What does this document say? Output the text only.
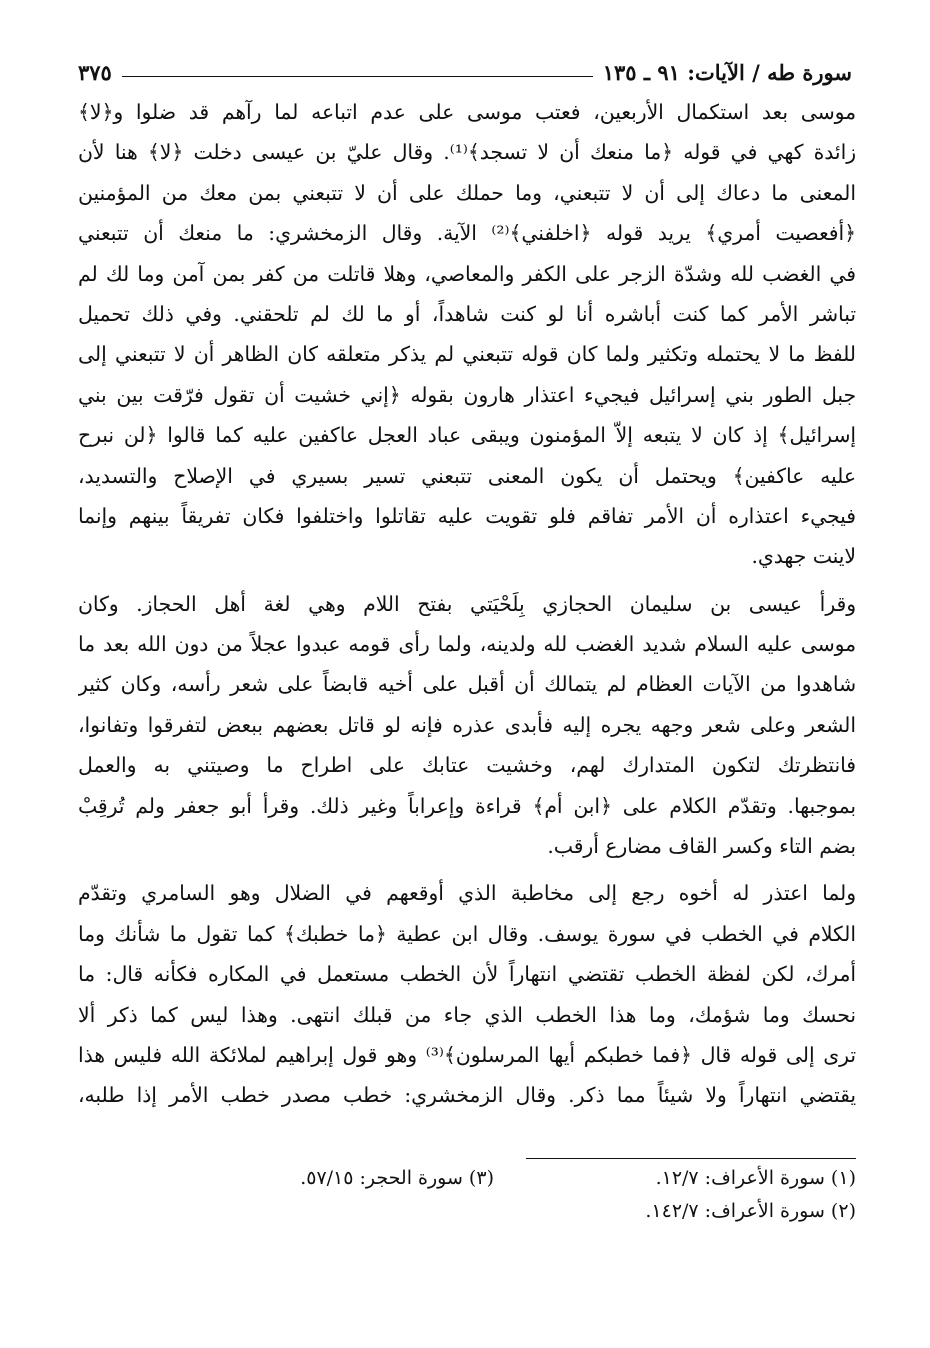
سورة طه / الآيات: ٩١ ـ ١٣٥
٣٧٥
موسى بعد استكمال الأربعين، فعتب موسى على عدم اتباعه لما رآهم قد ضلوا و﴿لا﴾
زائدة كهي في قوله ﴿ما منعك أن لا تسجد﴾⁽¹⁾. وقال عليّ بن عيسى دخلت ﴿لا﴾ هنا لأن
المعنى ما دعاك إلى أن لا تتبعني، وما حملك على أن لا تتبعني بمن معك من المؤمنين
﴿أفعصيت أمري﴾ يريد قوله ﴿اخلفني﴾⁽²⁾ الآية. وقال الزمخشري: ما منعك أن تتبعني
في الغضب لله وشدّة الزجر على الكفر والمعاصي، وهلا قاتلت من كفر بمن آمن وما لك لم
تباشر الأمر كما كنت أباشره أنا لو كنت شاهداً، أو ما لك لم تلحقني. وفي ذلك تحميل
للفظ ما لا يحتمله وتكثير ولما كان قوله تتبعني لم يذكر متعلقه كان الظاهر أن لا تتبعني إلى
جبل الطور بني إسرائيل فيجيء اعتذار هارون بقوله ﴿إني خشيت أن تقول فرّقت بين بني
إسرائيل﴾ إذ كان لا يتبعه إلاّ المؤمنون ويبقى عباد العجل عاكفين عليه كما قالوا ﴿لن نبرح
عليه عاكفين﴾ ويحتمل أن يكون المعنى تتبعني تسير بسيري في الإصلاح والتسديد،
فيجيء اعتذاره أن الأمر تفاقم فلو تقويت عليه تقاتلوا واختلفوا فكان تفريقاً بينهم وإنما
لاينت جهدي.
وقرأ عيسى بن سليمان الحجازي بِلَحْيَتي بفتح اللام وهي لغة أهل الحجاز. وكان
موسى عليه السلام شديد الغضب لله ولدينه، ولما رأى قومه عبدوا عجلاً من دون الله بعد ما
شاهدوا من الآيات العظام لم يتمالك أن أقبل على أخيه قابضاً على شعر رأسه، وكان كثير
الشعر وعلى شعر وجهه يجره إليه فأبدى عذره فإنه لو قاتل بعضهم ببعض لتفرقوا وتفانوا،
فانتظرتك لتكون المتدارك لهم، وخشيت عتابك على اطراح ما وصيتني به والعمل
بموجبها. وتقدّم الكلام على ﴿ابن أم﴾ قراءة وإعراباً وغير ذلك. وقرأ أبو جعفر ولم تُرقِبْ
بضم التاء وكسر القاف مضارع أرقب.
ولما اعتذر له أخوه رجع إلى مخاطبة الذي أوقعهم في الضلال وهو السامري وتقدّم
الكلام في الخطب في سورة يوسف. وقال ابن عطية ﴿ما خطبك﴾ كما تقول ما شأنك وما
أمرك، لكن لفظة الخطب تقتضي انتهاراً لأن الخطب مستعمل في المكاره فكأنه قال: ما
نحسك وما شؤمك، وما هذا الخطب الذي جاء من قبلك انتهى. وهذا ليس كما ذكر ألا
ترى إلى قوله قال ﴿فما خطبكم أيها المرسلون﴾⁽³⁾ وهو قول إبراهيم لملائكة الله فليس هذا
يقتضي انتهاراً ولا شيئاً مما ذكر. وقال الزمخشري: خطب مصدر خطب الأمر إذا طلبه،
(١) سورة الأعراف: ١٢/٧.
(٣) سورة الحجر: ٥٧/١٥.
(٢) سورة الأعراف: ١٤٢/٧.
